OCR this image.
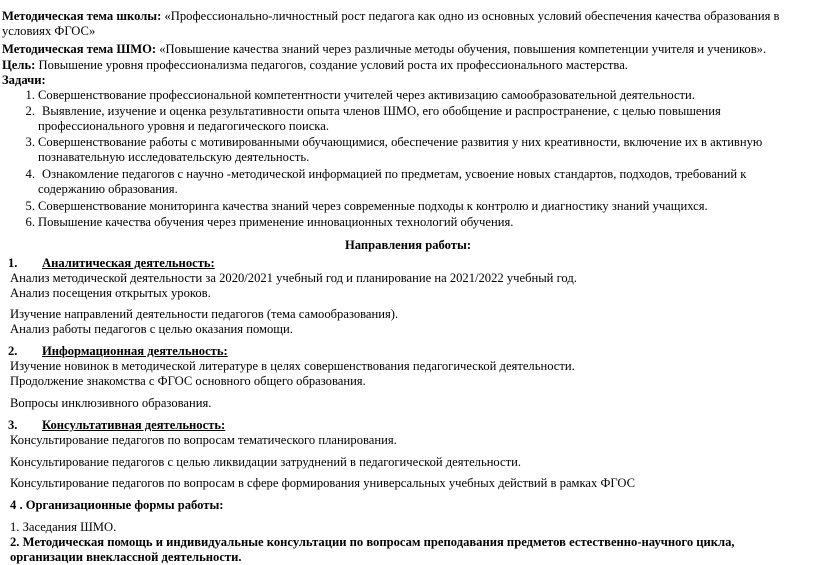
Методическая тема школы: «Профессионально-личностный рост педагога как одно из основных условий обеспечения качества образования в
условиях ФГОС»
Методическая тема ШМО: «Повышение качества знаний через различные методы обучения, повышения компетенции учителя и учеников».
Цель: Повышение уровня профессионализма педагогов, создание условий роста их профессионального мастерства.
Задачи:
1. Совершенствование профессиональной компетентности учителей через активизацию самообразовательной деятельности.
2. Выявление, изучение и оценка результативности опыта членов ШМО, его обобщение и распространение, с целью повышения
профессионального уровня и педагогического поиска.
3. Совершенствование работы с мотивированными обучающимися, обеспечение развития у них креативности, включение их в активную
познавательную исследовательскую деятельность.
4. Ознакомление педагогов с научно -методической информацией по предметам, усвоение новых стандартов, подходов, требований к
содержанию образования.
5. Совершенствование мониторинга качества знаний через современные подходы к контролю и диагностику знаний учащихся.
6. Повышение качества обучения через применение инновационных технологий обучения.
Направления работы:
1. Аналитическая деятельность:
Анализ методической деятельности за 2020/2021 учебный год и планирование на 2021/2022 учебный год.
Анализ посещения открытых уроков.
Изучение направлений деятельности педагогов (тема самообразования).
Анализ работы педагогов с целью оказания помощи.
2. Информационная деятельность:
Изучение новинок в методической литературе в целях совершенствования педагогической деятельности.
Продолжение знакомства с ФГОС основного общего образования.
Вопросы инклюзивного образования.
3. Консультативная деятельность:
Консультирование педагогов по вопросам тематического планирования.
Консультирование педагогов с целью ликвидации затруднений в педагогической деятельности.
Консультирование педагогов по вопросам в сфере формирования универсальных учебных действий в рамках ФГОС
4 . Организационные формы работы:
1. Заседания ШМО.
2. Методическая помощь и индивидуальные консультации по вопросам преподавания предметов естественно-научного цикла,
организации внеклассной деятельности.
